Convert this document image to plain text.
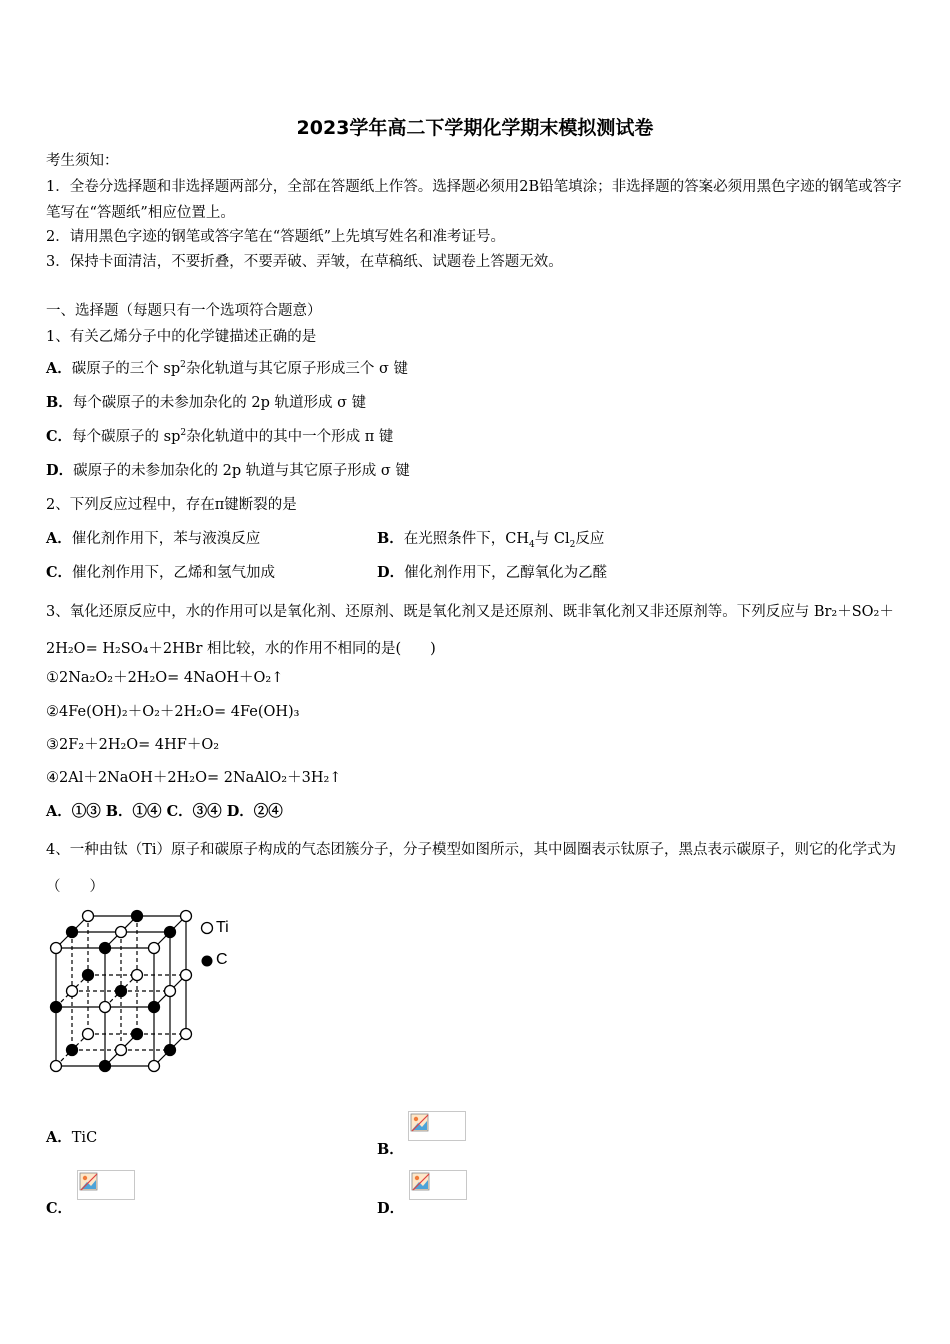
2023学年高二下学期化学期末模拟测试卷
考生须知：
1．全卷分选择题和非选择题两部分，全部在答题纸上作答。选择题必须用2B铅笔填涂；非选择题的答案必须用黑色字迹的钢笔或答字笔写在“答题纸”相应位置上。
2．请用黑色字迹的钢笔或答字笔在“答题纸”上先填写姓名和准考证号。
3．保持卡面清洁，不要折叠，不要弄破、弄皱，在草稿纸、试题卷上答题无效。
一、选择题（每题只有一个选项符合题意）
1、有关乙烯分子中的化学键描述正确的是
A．碳原子的三个 $sp^2$杂化轨道与其它原子形成三个 σ 键
B．每个碳原子的未参加杂化的 2p 轨道形成 σ 键
C．每个碳原子的 $sp^2$杂化轨道中的其中一个形成 π 键
D．碳原子的未参加杂化的 2p 轨道与其它原子形成 σ 键
2、下列反应过程中，存在π键断裂的是
A．催化剂作用下，苯与液溴反应	B．在光照条件下，$CH_4$与 $Cl_2$反应
C．催化剂作用下，乙烯和氢气加成	D．催化剂作用下，乙醇氧化为乙醛
3、氧化还原反应中，水的作用可以是氧化剂、还原剂、既是氧化剂又是还原剂、既非氧化剂又非还原剂等。下列反应与 Br₂＋SO₂＋2H₂O= H₂SO₄＋2HBr 相比较，水的作用不相同的是(　　)
①2Na₂O₂＋2H₂O= 4NaOH＋O₂↑
②4Fe(OH)₂＋O₂＋2H₂O= 4Fe(OH)₃
③2F₂＋2H₂O= 4HF＋O₂
④2Al＋2NaOH＋2H₂O= 2NaAlO₂＋3H₂↑
A．①③ B．①④ C．③④ D．②④
4、一种由钛（Ti）原子和碳原子构成的气态团簇分子，分子模型如图所示，其中圆圈表示钛原子，黑点表示碳原子，则它的化学式为 （　　）
Ti
C
A．TiC
B．
C．	D．
